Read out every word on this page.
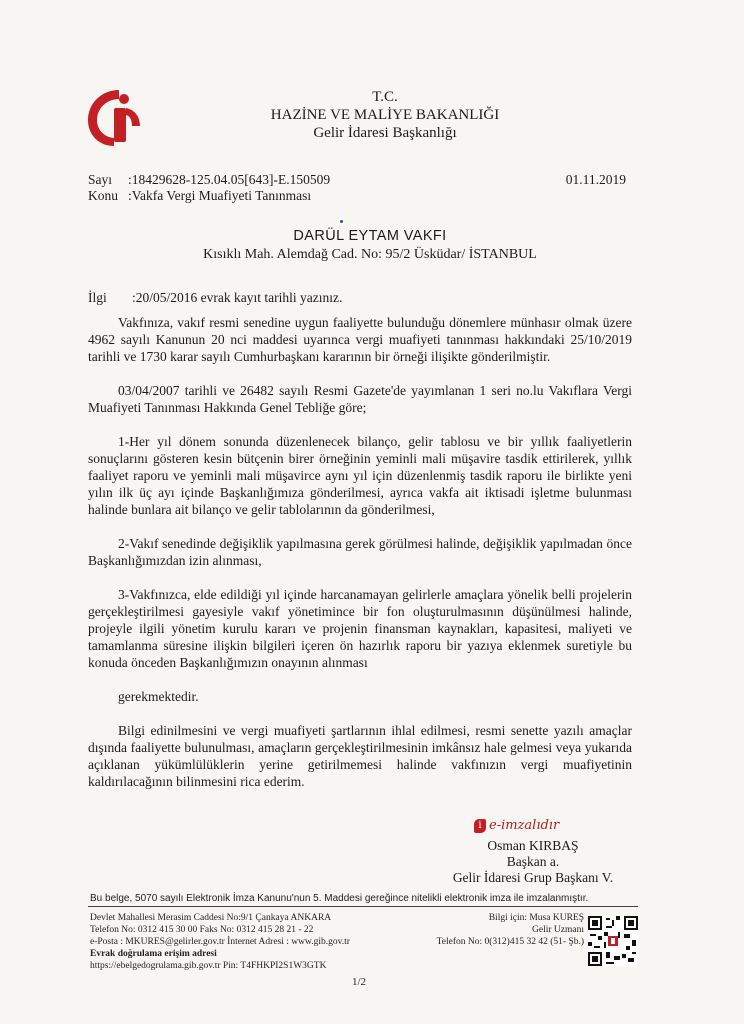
T.C.
HAZİNE VE MALİYE BAKANLIĞI
Gelir İdaresi Başkanlığı
Sayı :18429628-125.04.05[643]-E.150509
Konu :Vakfa Vergi Muafiyeti Tanınması
01.11.2019
DARÜL EYTAM VAKFI
Kısıklı Mah. Alemdağ Cad. No: 95/2 Üsküdar/ İSTANBUL
İlgi :20/05/2016 evrak kayıt tarihli yazınız.

Vakfınıza, vakıf resmi senedine uygun faaliyette bulunduğu dönemlere münhasır olmak üzere 4962 sayılı Kanunun 20 nci maddesi uyarınca vergi muafiyeti tanınması hakkındaki 25/10/2019 tarihli ve 1730 karar sayılı Cumhurbaşkanı kararının bir örneği ilişikte gönderilmiştir.

03/04/2007 tarihli ve 26482 sayılı Resmi Gazete'de yayımlanan 1 seri no.lu Vakıflara Vergi Muafiyeti Tanınması Hakkında Genel Tebliğe göre;

1-Her yıl dönem sonunda düzenlenecek bilanço, gelir tablosu ve bir yıllık faaliyetlerin sonuçlarını gösteren kesin bütçenin birer örneğinin yeminli mali müşavire tasdik ettirilerek, yıllık faaliyet raporu ve yeminli mali müşavirce aynı yıl için düzenlenmiş tasdik raporu ile birlikte yeni yılın ilk üç ayı içinde Başkanlığımıza gönderilmesi, ayrıca vakfa ait iktisadi işletme bulunması halinde bunlara ait bilanço ve gelir tablolarının da gönderilmesi,

2-Vakıf senedinde değişiklik yapılmasına gerek görülmesi halinde, değişiklik yapılmadan önce Başkanlığımızdan izin alınması,

3-Vakfınızca, elde edildiği yıl içinde harcanamayan gelirlerle amaçlara yönelik belli projelerin gerçekleştirilmesi gayesiyle vakıf yönetimince bir fon oluşturulmasının düşünülmesi halinde, projeyle ilgili yönetim kurulu kararı ve projenin finansman kaynakları, kapasitesi, maliyeti ve tamamlanma süresine ilişkin bilgileri içeren ön hazırlık raporu bir yazıya eklenmek suretiyle bu konuda önceden Başkanlığımızın onayının alınması

gerekmektedir.

Bilgi edinilmesini ve vergi muafiyeti şartlarının ihlal edilmesi, resmi senette yazılı amaçlar dışında faaliyette bulunulması, amaçların gerçekleştirilmesinin imkânsız hale gelmesi veya yukarıda açıklanan yükümlülüklerin yerine getirilmemesi halinde vakfınızın vergi muafiyetinin kaldırılacağının bilinmesini rica ederim.

i e-imzalıdır
Osman KIRBAŞ
Başkan a.
Gelir İdaresi Grup Başkanı V.
Bu belge, 5070 sayılı Elektronik İmza Kanunu'nun 5. Maddesi gereğince nitelikli elektronik imza ile imzalanmıştır.
Devlet Mahallesi Merasim Caddesi No:9/1 Çankaya ANKARA
Telefon No: 0312 415 30 00 Faks No: 0312 415 28 21 - 22
e-Posta : MKURES@gelirler.gov.tr İnternet Adresi : www.gib.gov.tr
Evrak doğrulama erişim adresi
https://ebelgedogrulama.gib.gov.tr Pin: T4FHKPI2S1W3GTK
Bilgi için: Musa KUREŞ
Gelir Uzmanı
Telefon No: 0(312)415 32 42 (51- Şb.)
1/2
